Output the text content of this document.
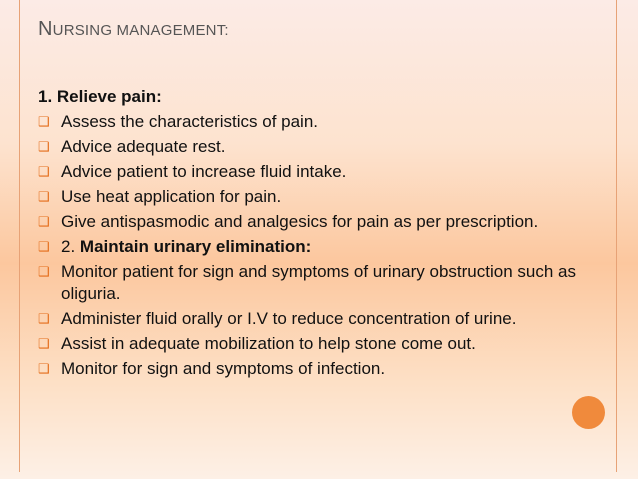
NURSING MANAGEMENT:

1. Relieve pain:

❑ Assess the characteristics of pain.
❑ Advice adequate rest.
❑ Advice patient to increase fluid intake.
❑ Use heat application for pain.
❑ Give antispasmodic and analgesics for pain as per prescription.
❑ 2. Maintain urinary elimination:
❑ Monitor patient for sign and symptoms of urinary obstruction such as oliguria.
❑ Administer fluid orally or I.V to reduce concentration of urine.
❑ Assist in adequate mobilization to help stone come out.
❑ Monitor for sign and symptoms of infection.
